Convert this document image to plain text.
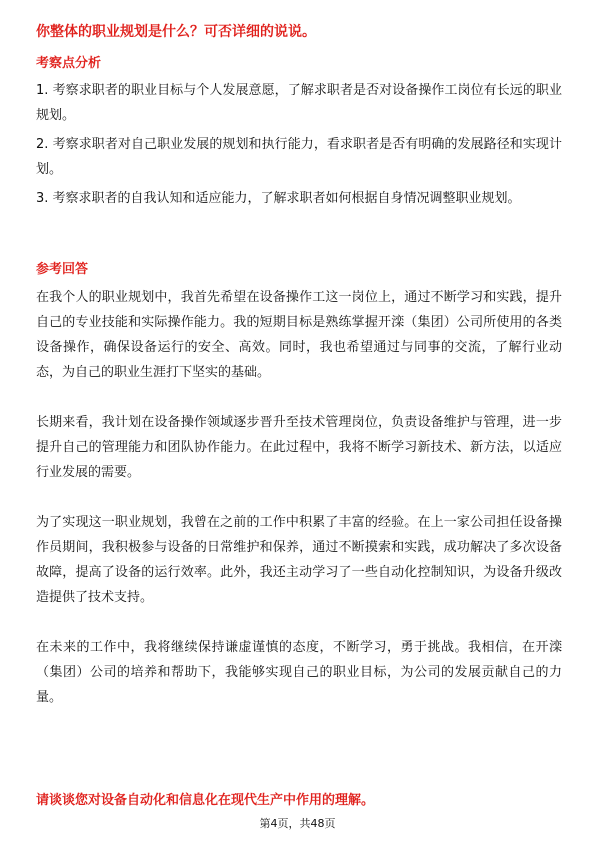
你整体的职业规划是什么？可否详细的说说。
考察点分析
1. 考察求职者的职业目标与个人发展意愿，了解求职者是否对设备操作工岗位有长远的职业规划。
2. 考察求职者对自己职业发展的规划和执行能力，看求职者是否有明确的发展路径和实现计划。
3. 考察求职者的自我认知和适应能力，了解求职者如何根据自身情况调整职业规划。
参考回答

在我个人的职业规划中，我首先希望在设备操作工这一岗位上，通过不断学习和实践，提升自己的专业技能和实际操作能力。我的短期目标是熟练掌握开滦（集团）公司所使用的各类设备操作，确保设备运行的安全、高效。同时，我也希望通过与同事的交流，了解行业动态，为自己的职业生涯打下坚实的基础。

长期来看，我计划在设备操作领域逐步晋升至技术管理岗位，负责设备维护与管理，进一步提升自己的管理能力和团队协作能力。在此过程中，我将不断学习新技术、新方法，以适应行业发展的需要。

为了实现这一职业规划，我曾在之前的工作中积累了丰富的经验。在上一家公司担任设备操作员期间，我积极参与设备的日常维护和保养，通过不断摸索和实践，成功解决了多次设备故障，提高了设备的运行效率。此外，我还主动学习了一些自动化控制知识，为设备升级改造提供了技术支持。

在未来的工作中，我将继续保持谦虚谨慎的态度，不断学习，勇于挑战。我相信，在开滦（集团）公司的培养和帮助下，我能够实现自己的职业目标，为公司的发展贡献自己的力量。

请谈谈您对设备自动化和信息化在现代生产中作用的理解。
第4页，共48页
